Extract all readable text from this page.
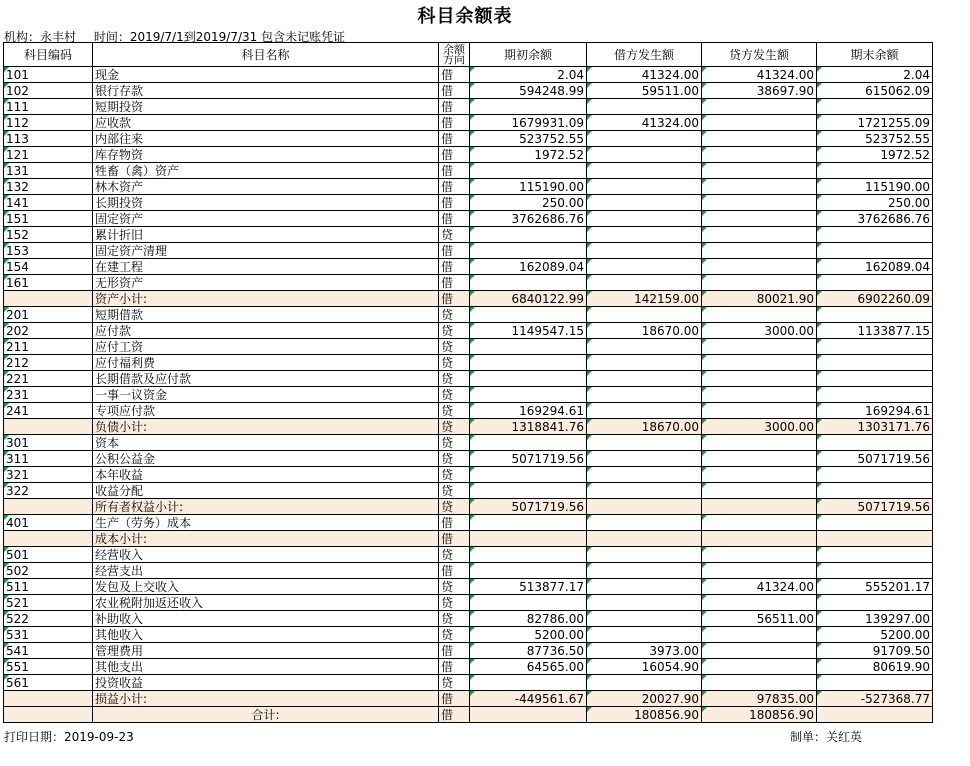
科目余额表
机构：永丰村 时间：2019/7/1到2019/7/31 包含未记账凭证
科目编码	科目名称	余额方向	期初余额	借方发生额	贷方发生额	期末余额
101	现金	借	2.04	41324.00	41324.00	2.04
102	银行存款	借	594248.99	59511.00	38697.90	615062.09
111	短期投资	借				
112	应收款	借	1679931.09	41324.00		1721255.09
113	内部往来	借	523752.55			523752.55
121	库存物资	借	1972.52			1972.52
131	牲畜（禽）资产	借				
132	林木资产	借	115190.00			115190.00
141	长期投资	借	250.00			250.00
151	固定资产	借	3762686.76			3762686.76
152	累计折旧	贷				
153	固定资产清理	借				
154	在建工程	借	162089.04			162089.04
161	无形资产	借				
	资产小计:	借	6840122.99	142159.00	80021.90	6902260.09
201	短期借款	贷				
202	应付款	贷	1149547.15	18670.00	3000.00	1133877.15
211	应付工资	贷				
212	应付福利费	贷				
221	长期借款及应付款	贷				
231	一事一议资金	贷				
241	专项应付款	贷	169294.61			169294.61
	负债小计:	贷	1318841.76	18670.00	3000.00	1303171.76
301	资本	贷				
311	公积公益金	贷	5071719.56			5071719.56
321	本年收益	贷				
322	收益分配	贷				
	所有者权益小计:	贷	5071719.56			5071719.56
401	生产（劳务）成本	借				
	成本小计:	借				
501	经营收入	贷				
502	经营支出	借				
511	发包及上交收入	贷	513877.17		41324.00	555201.17
521	农业税附加返还收入	贷				
522	补助收入	贷	82786.00		56511.00	139297.00
531	其他收入	贷	5200.00			5200.00
541	管理费用	借	87736.50	3973.00		91709.50
551	其他支出	借	64565.00	16054.90		80619.90
561	投资收益	贷				
	损益小计:	借	-449561.67	20027.90	97835.00	-527368.77
	合计:	借		180856.90	180856.90	
打印日期：2019-09-23	制单：关红英
